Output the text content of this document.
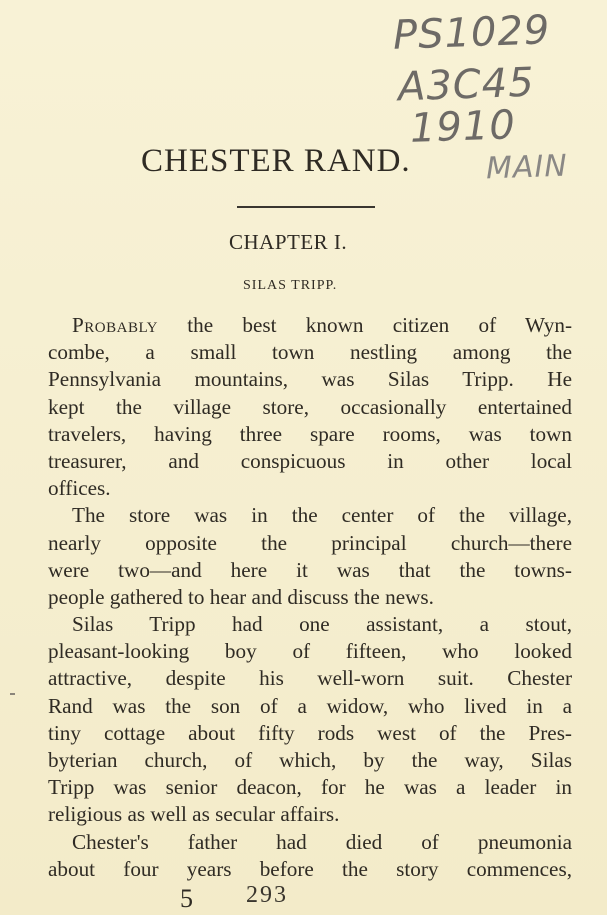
PS1029
A3C45
1910
MAIN
CHESTER RAND.
CHAPTER I.
SILAS TRIPP.
Probably the best known citizen of Wyn-
combe, a small town nestling among the
Pennsylvania mountains, was Silas Tripp. He
kept the village store, occasionally entertained
travelers, having three spare rooms, was town
treasurer, and conspicuous in other local
offices.
The store was in the center of the village,
nearly opposite the principal church—there
were two—and here it was that the towns-
people gathered to hear and discuss the news.
Silas Tripp had one assistant, a stout,
pleasant-looking boy of fifteen, who looked
attractive, despite his well-worn suit. Chester
Rand was the son of a widow, who lived in a
tiny cottage about fifty rods west of the Pres-
byterian church, of which, by the way, Silas
Tripp was senior deacon, for he was a leader in
religious as well as secular affairs.
Chester's father had died of pneumonia
about four years before the story commences,
5 293
